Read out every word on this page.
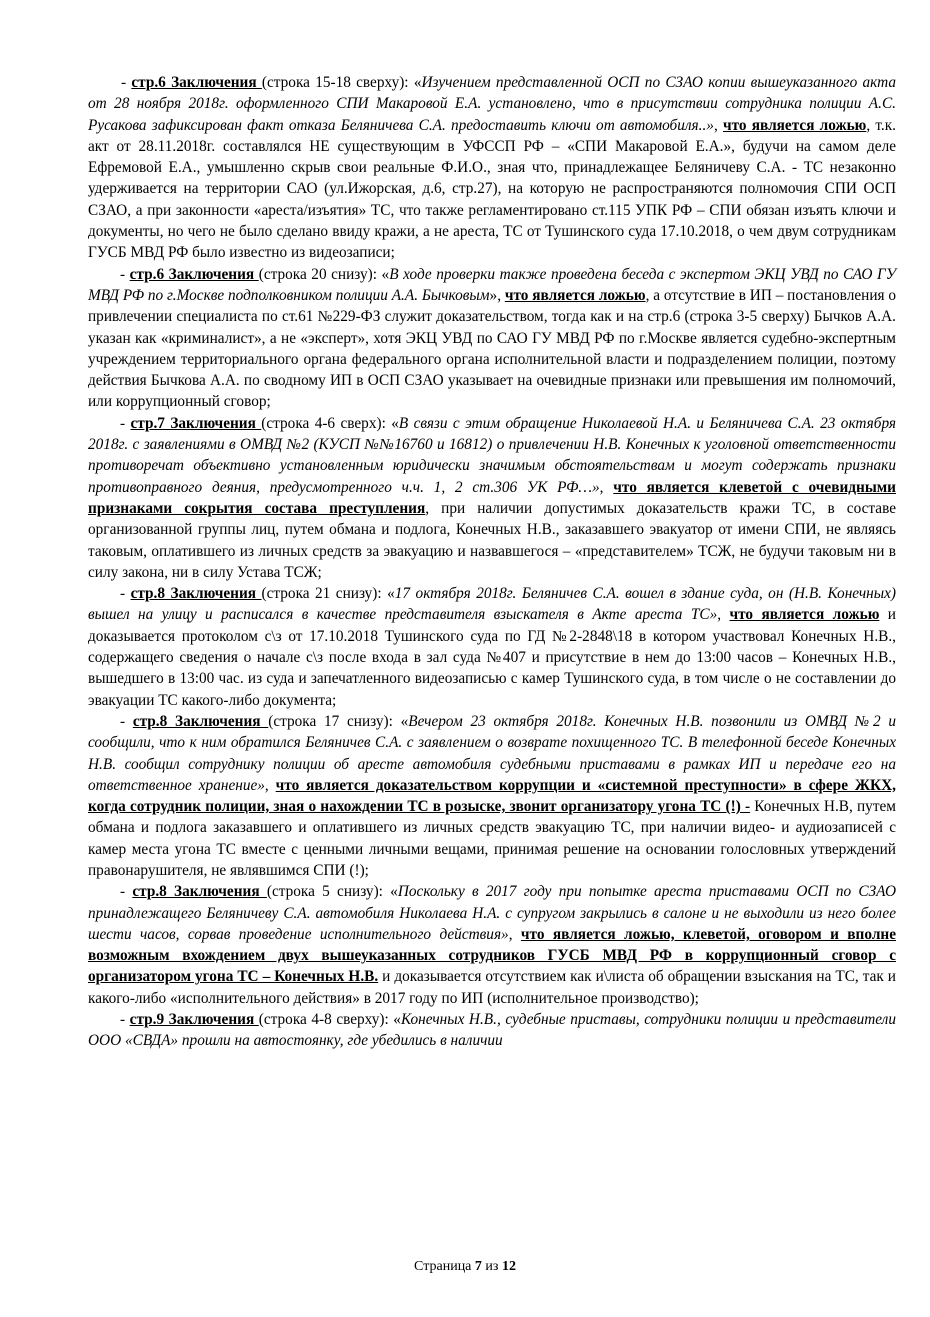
- стр.6 Заключения (строка 15-18 сверху): «Изучением представленной ОСП по СЗАО копии вышеуказанного акта от 28 ноября 2018г. оформленного СПИ Макаровой Е.А. установлено, что в присутствии сотрудника полиции А.С. Русакова зафиксирован факт отказа Беляничева С.А. предоставить ключи от автомобиля..», что является ложью, т.к. акт от 28.11.2018г. составлялся НЕ существующим в УФССП РФ – «СПИ Макаровой Е.А.», будучи на самом деле Ефремовой Е.А., умышленно скрыв свои реальные Ф.И.О., зная что, принадлежащее Беляничеву С.А. - ТС незаконно удерживается на территории САО (ул.Ижорская, д.6, стр.27), на которую не распространяются полномочия СПИ ОСП СЗАО, а при законности «ареста/изъятия» ТС, что также регламентировано ст.115 УПК РФ – СПИ обязан изъять ключи и документы, но чего не было сделано ввиду кражи, а не ареста, ТС от Тушинского суда 17.10.2018, о чем двум сотрудникам ГУСБ МВД РФ было известно из видеозаписи;

- стр.6 Заключения (строка 20 снизу): «В ходе проверки также проведена беседа с экспертом ЭКЦ УВД по САО ГУ МВД РФ по г.Москве подполковником полиции А.А. Бычковым», что является ложью, а отсутствие в ИП – постановления о привлечении специалиста по ст.61 №229-ФЗ служит доказательством, тогда как и на стр.6 (строка 3-5 сверху) Бычков А.А. указан как «криминалист», а не «эксперт», хотя ЭКЦ УВД по САО ГУ МВД РФ по г.Москве является судебно-экспертным учреждением территориального органа федерального органа исполнительной власти и подразделением полиции, поэтому действия Бычкова А.А. по сводному ИП в ОСП СЗАО указывает на очевидные признаки или превышения им полномочий, или коррупционный сговор;

- стр.7 Заключения (строка 4-6 сверх): «В связи с этим обращение Николаевой Н.А. и Беляничева С.А. 23 октября 2018г. с заявлениями в ОМВД №2 (КУСП №№16760 и 16812) о привлечении Н.В. Конечных к уголовной ответственности противоречат объективно установленным юридически значимым обстоятельствам и могут содержать признаки противоправного деяния, предусмотренного ч.ч. 1, 2 ст.306 УК РФ…», что является клеветой с очевидными признаками сокрытия состава преступления, при наличии допустимых доказательств кражи ТС, в составе организованной группы лиц, путем обмана и подлога, Конечных Н.В., заказавшего эвакуатор от имени СПИ, не являясь таковым, оплатившего из личных средств за эвакуацию и назвавшегося – «представителем» ТСЖ, не будучи таковым ни в силу закона, ни в силу Устава ТСЖ;

- стр.8 Заключения (строка 21 снизу): «17 октября 2018г. Беляничев С.А. вошел в здание суда, он (Н.В. Конечных) вышел на улицу и расписался в качестве представителя взыскателя в Акте ареста ТС», что является ложью и доказывается протоколом с\з от 17.10.2018 Тушинского суда по ГД №2-2848\18 в котором участвовал Конечных Н.В., содержащего сведения о начале с\з после входа в зал суда №407 и присутствие в нем до 13:00 часов – Конечных Н.В., вышедшего в 13:00 час. из суда и запечатленного видеозаписью с камер Тушинского суда, в том числе о не составлении до эвакуации ТС какого-либо документа;

- стр.8 Заключения (строка 17 снизу): «Вечером 23 октября 2018г. Конечных Н.В. позвонили из ОМВД №2 и сообщили, что к ним обратился Беляничев С.А. с заявлением о возврате похищенного ТС. В телефонной беседе Конечных Н.В. сообщил сотруднику полиции об аресте автомобиля судебными приставами в рамках ИП и передаче его на ответственное хранение», что является доказательством коррупции и «системной преступности» в сфере ЖКХ, когда сотрудник полиции, зная о нахождении ТС в розыске, звонит организатору угона ТС (!) - Конечных Н.В, путем обмана и подлога заказавшего и оплатившего из личных средств эвакуацию ТС, при наличии видео- и аудиозаписей с камер места угона ТС вместе с ценными личными вещами, принимая решение на основании голословных утверждений правонарушителя, не являвшимся СПИ (!);

- стр.8 Заключения (строка 5 снизу): «Поскольку в 2017 году при попытке ареста приставами ОСП по СЗАО принадлежащего Беляничеву С.А. автомобиля Николаева Н.А. с супругом закрылись в салоне и не выходили из него более шести часов, сорвав проведение исполнительного действия», что является ложью, клеветой, оговором и вполне возможным вхождением двух вышеуказанных сотрудников ГУСБ МВД РФ в коррупционный сговор с организатором угона ТС – Конечных Н.В. и доказывается отсутствием как и\листа об обращении взыскания на ТС, так и какого-либо «исполнительного действия» в 2017 году по ИП (исполнительное производство);

- стр.9 Заключения (строка 4-8 сверху): «Конечных Н.В., судебные приставы, сотрудники полиции и представители ООО «СВДА» прошли на автостоянку, где убедились в наличии

Страница 7 из 12
